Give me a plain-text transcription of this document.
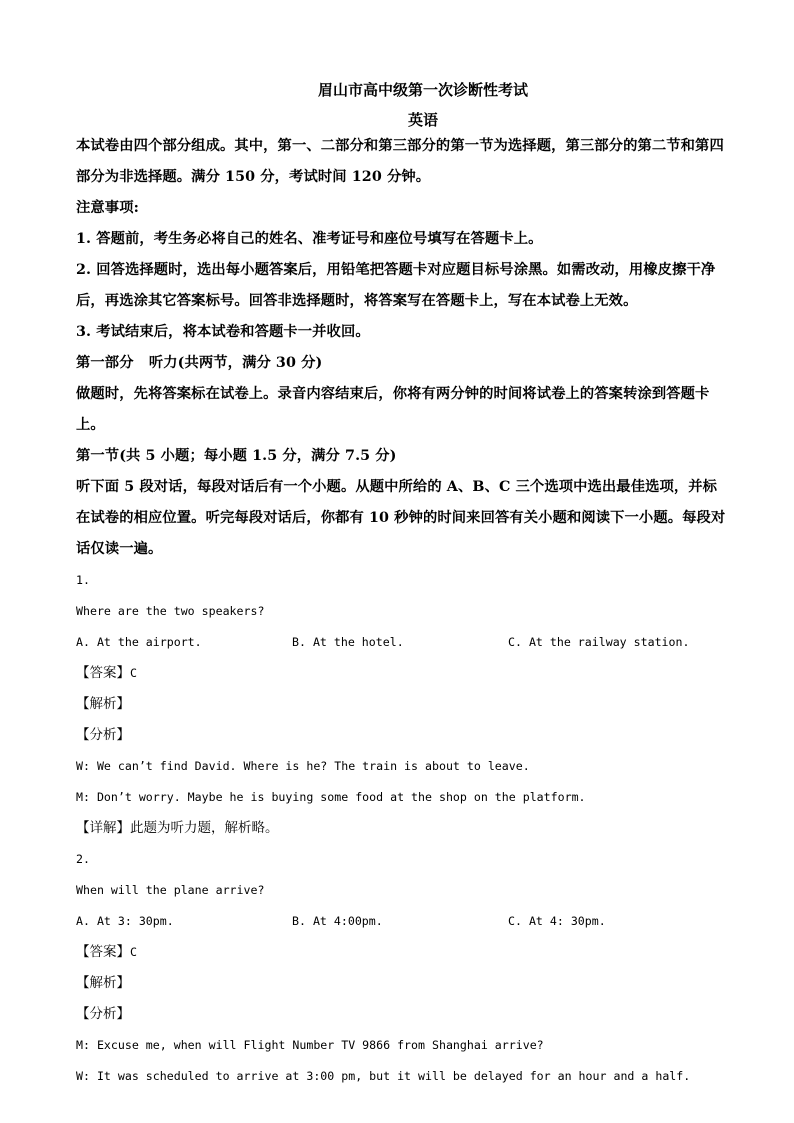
眉山市高中级第一次诊断性考试
英语

本试卷由四个部分组成。其中，第一、二部分和第三部分的第一节为选择题，第三部分的第二节和第四部分为非选择题。满分 150 分，考试时间 120 分钟。

注意事项:

1. 答题前，考生务必将自己的姓名、准考证号和座位号填写在答题卡上。

2. 回答选择题时，选出每小题答案后，用铅笔把答题卡对应题目标号涂黑。如需改动，用橡皮擦干净后，再选涂其它答案标号。回答非选择题时，将答案写在答题卡上，写在本试卷上无效。

3. 考试结束后，将本试卷和答题卡一并收回。

第一部分   听力(共两节，满分 30 分)

做题时，先将答案标在试卷上。录音内容结束后，你将有两分钟的时间将试卷上的答案转涂到答题卡上。

第一节(共 5 小题；每小题 1.5 分，满分 7.5 分)

听下面 5 段对话，每段对话后有一个小题。从题中所给的 A、B、C 三个选项中选出最佳选项，并标在试卷的相应位置。听完每段对话后，你都有 10 秒钟的时间来回答有关小题和阅读下一小题。每段对话仅读一遍。

1.

Where are the two speakers?

A. At the airport.	B. At the hotel.	C. At the railway station.

【答案】C

【解析】

【分析】

W: We can’t find David. Where is he? The train is about to leave.

M: Don’t worry. Maybe he is buying some food at the shop on the platform.

【详解】此题为听力题，解析略。

2.

When will the plane arrive?

A. At 3: 30pm.	B. At 4:00pm.	C. At 4: 30pm.

【答案】C

【解析】

【分析】

M: Excuse me, when will Flight Number TV 9866 from Shanghai arrive?

W: It was scheduled to arrive at 3:00 pm, but it will be delayed for an hour and a half.
